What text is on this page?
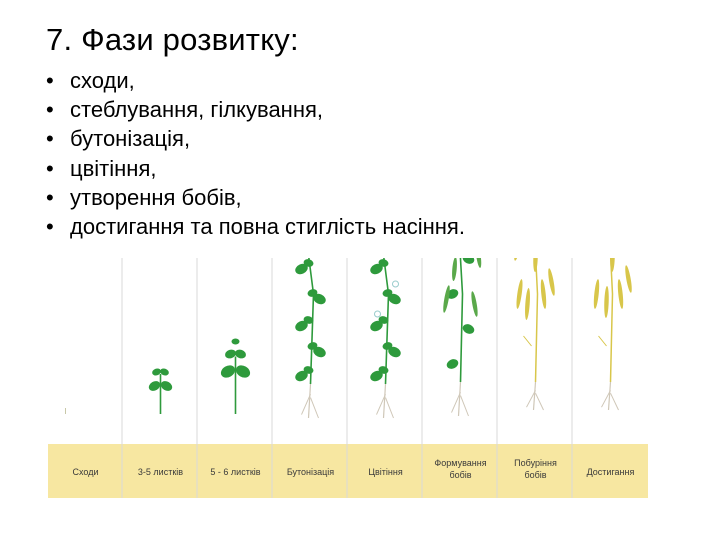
7. Фази розвитку:
• сходи,
• стеблування, гілкування,
• бутонізація,
• цвітіння,
• утворення бобів,
• достигання та повна стиглість насіння.
Сходи	3-5 листків	5 - 6 листків	Бутонізація	Цвітіння
Формування
бобів
Побуріння
бобів	Достигання
